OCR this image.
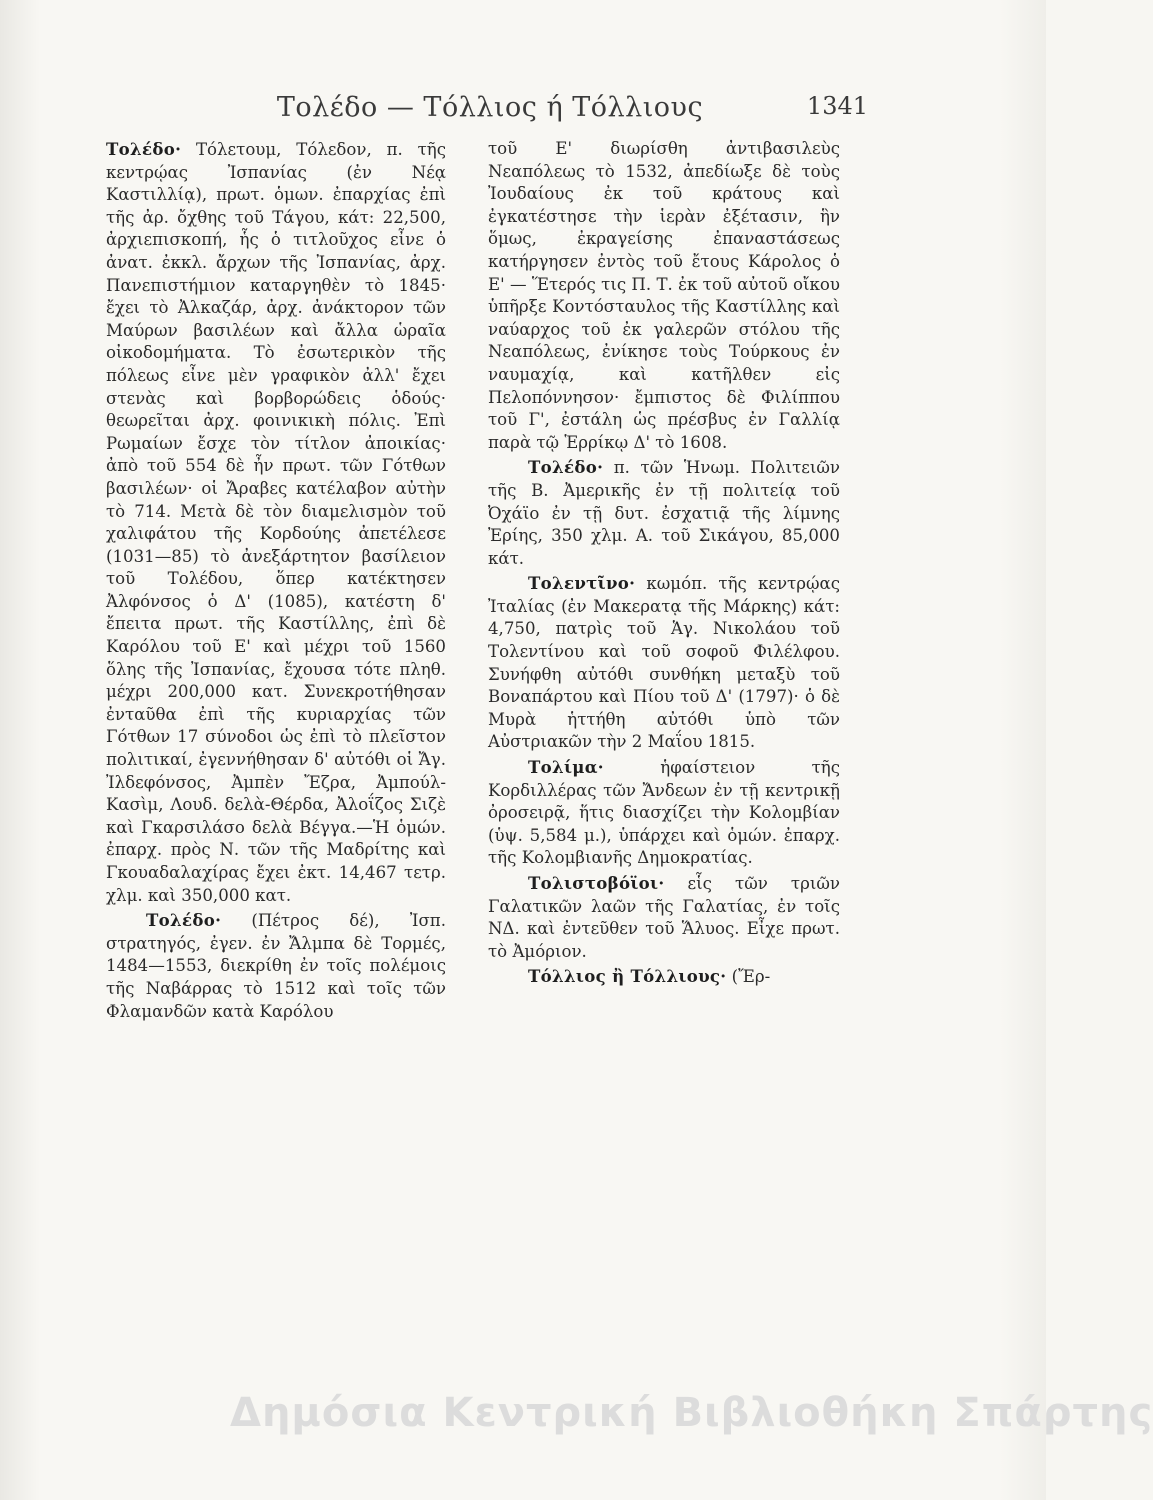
Τολέδο — Τόλλιος ή Τόλλιους	1341

Τολέδο· Τόλετουμ, Τόλεδον, π. τῆς κεντρῴας Ἰσπανίας (ἐν Νέᾳ Καστιλλίᾳ), πρωτ. ὁμων. ἐπαρχίας ἐπὶ τῆς ἀρ. ὄχθης τοῦ Τάγου, κάτ: 22,500, ἀρχιεπισκοπή, ἧς ὁ τιτλοῦχος εἶνε ὁ ἀνατ. ἐκκλ. ἄρχων τῆς Ἰσπανίας, ἀρχ. Πανεπιστήμιον καταργηθὲν τὸ 1845· ἔχει τὸ Ἀλκαζάρ, ἀρχ. ἀνάκτορον τῶν Μαύρων βασιλέων καὶ ἄλλα ὡραῖα οἰκοδομήματα. Τὸ ἐσωτερικὸν τῆς πόλεως εἶνε μὲν γραφικὸν ἀλλ' ἔχει στενὰς καὶ βορβορώδεις ὁδούς· θεωρεῖται ἀρχ. φοινικικὴ πόλις. Ἐπὶ Ρωμαίων ἔσχε τὸν τίτλον ἀποικίας· ἀπὸ τοῦ 554 δὲ ἦν πρωτ. τῶν Γότθων βασιλέων· οἱ Ἄραβες κατέλαβον αὐτὴν τὸ 714. Μετὰ δὲ τὸν διαμελισμὸν τοῦ χαλιφάτου τῆς Κορδούης ἀπετέλεσε (1031—85) τὸ ἀνεξάρτητον βασίλειον τοῦ Τολέδου, ὅπερ κατέκτησεν Ἀλφόνσος ὁ Δ' (1085), κατέστη δ' ἔπειτα πρωτ. τῆς Καστίλλης, ἐπὶ δὲ Καρόλου τοῦ Ε' καὶ μέχρι τοῦ 1560 ὅλης τῆς Ἰσπανίας, ἔχουσα τότε πληθ. μέχρι 200,000 κατ. Συνεκροτήθησαν ἐνταῦθα ἐπὶ τῆς κυριαρχίας τῶν Γότθων 17 σύνοδοι ὡς ἐπὶ τὸ πλεῖστον πολιτικαί, ἐγεννήθησαν δ' αὐτόθι οἱ Ἄγ. Ἰλδεφόνσος, Ἀμπὲν Ἔζρα, Ἀμπούλ-Κασὶμ, Λουδ. δελὰ-Θέρδα, Ἀλοΐζος Σιζὲ καὶ Γκαρσιλάσο δελὰ Βέγγα.—Ἡ ὁμών. ἐπαρχ. πρὸς Ν. τῶν τῆς Μαδρίτης καὶ Γκουαδαλαχίρας ἔχει ἐκτ. 14,467 τετρ. χλμ. καὶ 350,000 κατ.

Τολέδο· (Πέτρος δέ), Ἰσπ. στρατηγός, ἐγεν. ἐν Ἄλμπα δὲ Τορμές, 1484—1553, διεκρίθη ἐν τοῖς πολέμοις τῆς Ναβάρρας τὸ 1512 καὶ τοῖς τῶν Φλαμανδῶν κατὰ Καρόλου

τοῦ Ε' διωρίσθη ἀντιβασιλεὺς Νεαπόλεως τὸ 1532, ἀπεδίωξε δὲ τοὺς Ἰουδαίους ἐκ τοῦ κράτους καὶ ἐγκατέστησε τὴν ἱερὰν ἐξέτασιν, ἣν ὅμως, ἐκραγείσης ἐπαναστάσεως κατήργησεν ἐντὸς τοῦ ἔτους Κάρολος ὁ Ε' — Ἕτερός τις Π. Τ. ἐκ τοῦ αὐτοῦ οἴκου ὑπῆρξε Κοντόσταυλος τῆς Καστίλλης καὶ ναύαρχος τοῦ ἐκ γαλερῶν στόλου τῆς Νεαπόλεως, ἐνίκησε τοὺς Τούρκους ἐν ναυμαχίᾳ, καὶ κατῆλθεν εἰς Πελοπόννησον· ἔμπιστος δὲ Φιλίππου τοῦ Γ', ἐστάλη ὡς πρέσβυς ἐν Γαλλίᾳ παρὰ τῷ Ἑρρίκῳ Δ' τὸ 1608.

Τολέδο· π. τῶν Ἡνωμ. Πολιτειῶν τῆς Β. Ἀμερικῆς ἐν τῇ πολιτείᾳ τοῦ Ὀχάϊο ἐν τῇ δυτ. ἐσχατιᾷ τῆς λίμνης Ἐρίης, 350 χλμ. Α. τοῦ Σικάγου, 85,000 κάτ.

Τολεντῖνο· κωμόπ. τῆς κεντρῴας Ἰταλίας (ἐν Μακερατᾳ τῆς Μάρκης) κάτ: 4,750, πατρὶς τοῦ Ἁγ. Νικολάου τοῦ Τολεντίνου καὶ τοῦ σοφοῦ Φιλέλφου. Συνήφθη αὐτόθι συνθήκη μεταξὺ τοῦ Βοναπάρτου καὶ Πίου τοῦ Δ' (1797)· ὁ δὲ Μυρὰ ἡττήθη αὐτόθι ὑπὸ τῶν Αὐστριακῶν τὴν 2 Μαΐου 1815.

Τολίμα·	ἡφαίστειον τῆς Κορδιλλέρας τῶν Ἄνδεων ἐν τῇ κεντρικῇ ὀροσειρᾷ, ἥτις διασχίζει τὴν Κολομβίαν (ὑψ. 5,584 μ.), ὑπάρχει καὶ ὁμών. ἐπαρχ. τῆς Κολομβιανῆς Δημοκρατίας.

Τολιστοβόϊοι· εἷς τῶν τριῶν Γαλατικῶν λαῶν τῆς Γαλατίας, ἐν τοῖς ΝΔ. καὶ ἐντεῦθεν τοῦ Ἅλυος. Εἶχε πρωτ. τὸ Ἀμόριον.

Τόλλιος ἢ Τόλλιους· (Ἔρ-

Δημόσια Κεντρική Βιβλιοθήκη Σπάρτης
